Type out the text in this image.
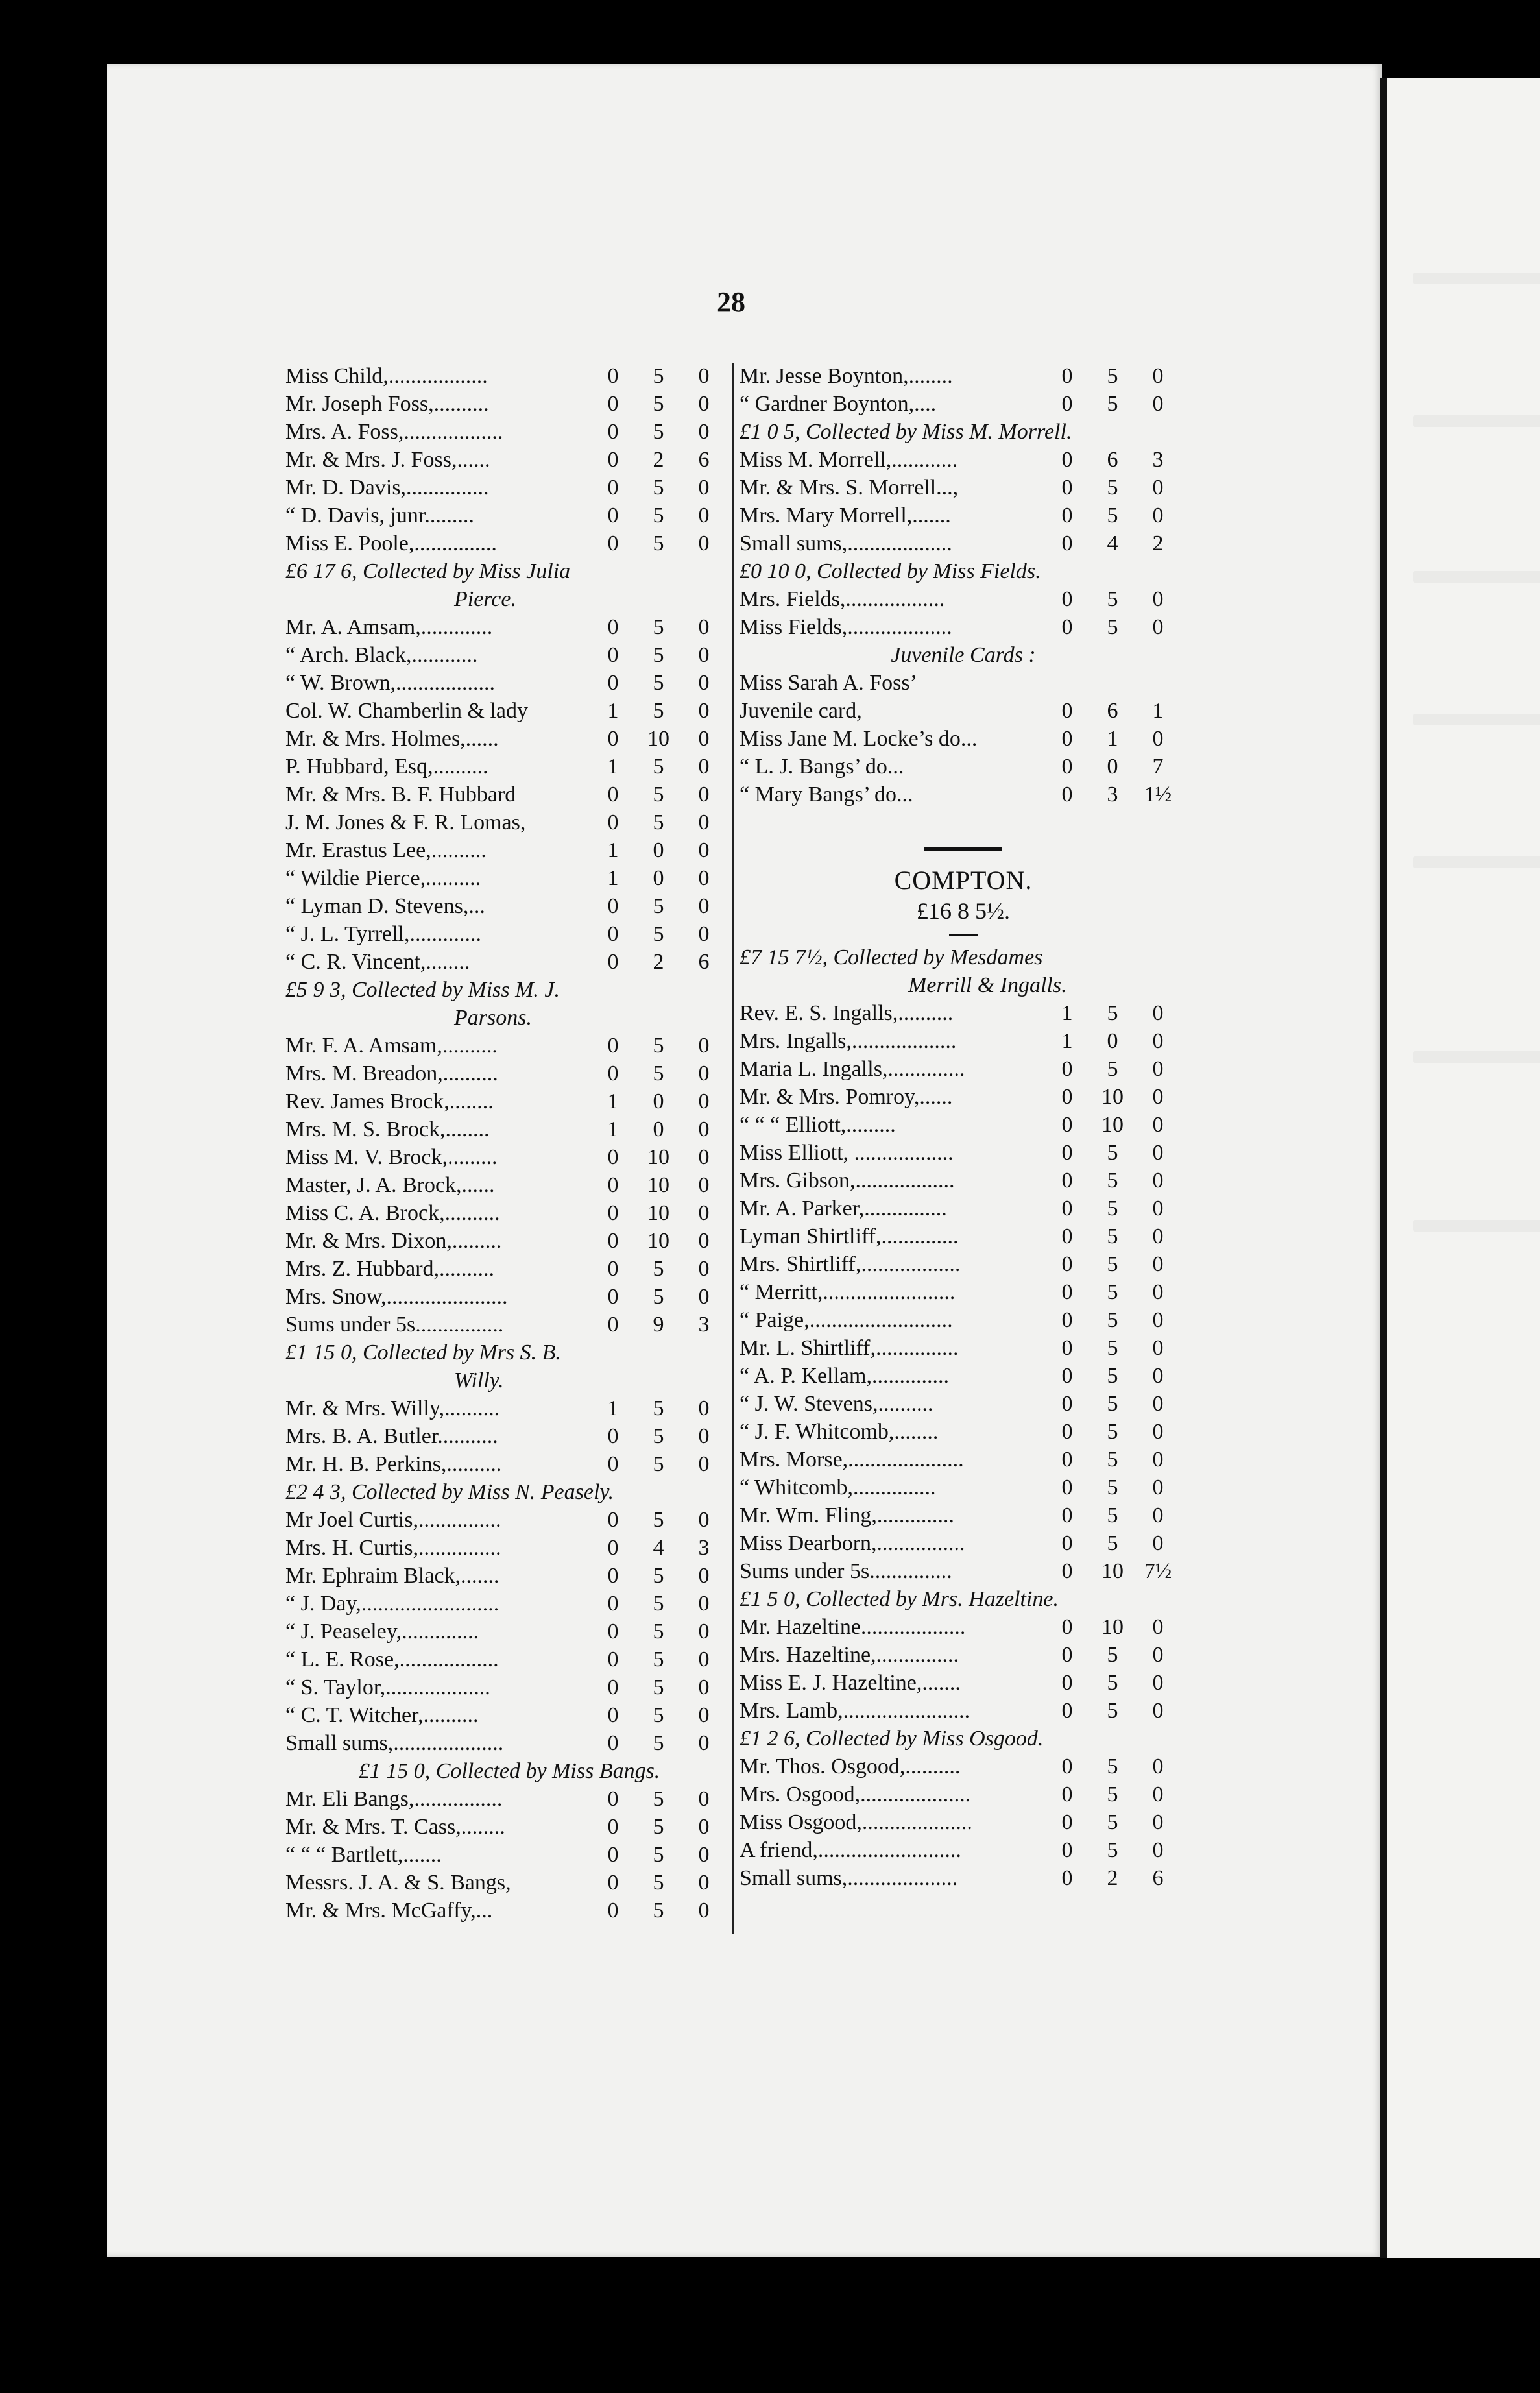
28
Miss Child,..................	0	5	0
Mr. Joseph Foss,..........	0	5	0
Mrs. A. Foss,..................	0	5	0
Mr. & Mrs. J. Foss,......	0	2	6
Mr. D. Davis,...............	0	5	0
“ D. Davis, junr.........	0	5	0
Miss E. Poole,...............	0	5	0
£6 17 6, Collected by Miss Julia
Pierce.
Mr. A. Amsam,.............	0	5	0
“ Arch. Black,............	0	5	0
“ W. Brown,..................	0	5	0
Col. W. Chamberlin & lady	1	5	0
Mr. & Mrs. Holmes,......	0	10	0
P. Hubbard, Esq,..........	1	5	0
Mr. & Mrs. B. F. Hubbard	0	5	0
J. M. Jones & F. R. Lomas,	0	5	0
Mr. Erastus Lee,..........	1	0	0
“ Wildie Pierce,..........	1	0	0
“ Lyman D. Stevens,...	0	5	0
“ J. L. Tyrrell,.............	0	5	0
“ C. R. Vincent,........	0	2	6
£5 9 3, Collected by Miss M. J.
Parsons.
Mr. F. A. Amsam,..........	0	5	0
Mrs. M. Breadon,..........	0	5	0
Rev. James Brock,........	1	0	0
Mrs. M. S. Brock,........	1	0	0
Miss M. V. Brock,.........	0	10	0
Master, J. A. Brock,......	0	10	0
Miss C. A. Brock,..........	0	10	0
Mr. & Mrs. Dixon,.........	0	10	0
Mrs. Z. Hubbard,..........	0	5	0
Mrs. Snow,......................	0	5	0
Sums under 5s................	0	9	3
£1 15 0, Collected by Mrs S. B.
Willy.
Mr. & Mrs. Willy,..........	1	5	0
Mrs. B. A. Butler...........	0	5	0
Mr. H. B. Perkins,..........	0	5	0
£2 4 3, Collected by Miss N. Peasely.
Mr Joel Curtis,...............	0	5	0
Mrs. H. Curtis,...............	0	4	3
Mr. Ephraim Black,.......	0	5	0
“ J. Day,.........................	0	5	0
“ J. Peaseley,..............	0	5	0
“ L. E. Rose,..................	0	5	0
“ S. Taylor,...................	0	5	0
“ C. T. Witcher,..........	0	5	0
Small sums,....................	0	5	0
£1 15 0, Collected by Miss Bangs.
Mr. Eli Bangs,................	0	5	0
Mr. & Mrs. T. Cass,........	0	5	0
“ “ “ Bartlett,.......	0	5	0
Messrs. J. A. & S. Bangs,	0	5	0
Mr. & Mrs. McGaffy,...	0	5	0
Mr. Jesse Boynton,........	0	5	0
“ Gardner Boynton,....	0	5	0
£1 0 5, Collected by Miss M. Morrell.
Miss M. Morrell,............	0	6	3
Mr. & Mrs. S. Morrell...,	0	5	0
Mrs. Mary Morrell,.......	0	5	0
Small sums,...................	0	4	2
£0 10 0, Collected by Miss Fields.
Mrs. Fields,..................	0	5	0
Miss Fields,...................	0	5	0
Juvenile Cards :
Miss Sarah A. Foss’
Juvenile card,	0	6	1
Miss Jane M. Locke’s do...	0	1	0
“ L. J. Bangs’ do...	0	0	7
“ Mary Bangs’ do...	0	3	1½
COMPTON.
£16 8 5½.
£7 15 7½, Collected by Mesdames
Merrill & Ingalls.
Rev. E. S. Ingalls,..........	1	5	0
Mrs. Ingalls,...................	1	0	0
Maria L. Ingalls,..............	0	5	0
Mr. & Mrs. Pomroy,......	0	10	0
“ “ “ Elliott,.........	0	10	0
Miss Elliott, ..................	0	5	0
Mrs. Gibson,..................	0	5	0
Mr. A. Parker,...............	0	5	0
Lyman Shirtliff,..............	0	5	0
Mrs. Shirtliff,..................	0	5	0
“ Merritt,........................	0	5	0
“ Paige,..........................	0	5	0
Mr. L. Shirtliff,...............	0	5	0
“ A. P. Kellam,..............	0	5	0
“ J. W. Stevens,..........	0	5	0
“ J. F. Whitcomb,........	0	5	0
Mrs. Morse,.....................	0	5	0
“ Whitcomb,...............	0	5	0
Mr. Wm. Fling,..............	0	5	0
Miss Dearborn,................	0	5	0
Sums under 5s...............	0	10 7½
£1 5 0, Collected by Mrs. Hazeltine.
Mr. Hazeltine...................	0	10	0
Mrs. Hazeltine,...............	0	5	0
Miss E. J. Hazeltine,.......	0	5	0
Mrs. Lamb,.......................	0	5	0
£1 2 6, Collected by Miss Osgood.
Mr. Thos. Osgood,..........	0	5	0
Mrs. Osgood,....................	0	5	0
Miss Osgood,....................	0	5	0
A friend,..........................	0	5	0
Small sums,....................	0	2	6
